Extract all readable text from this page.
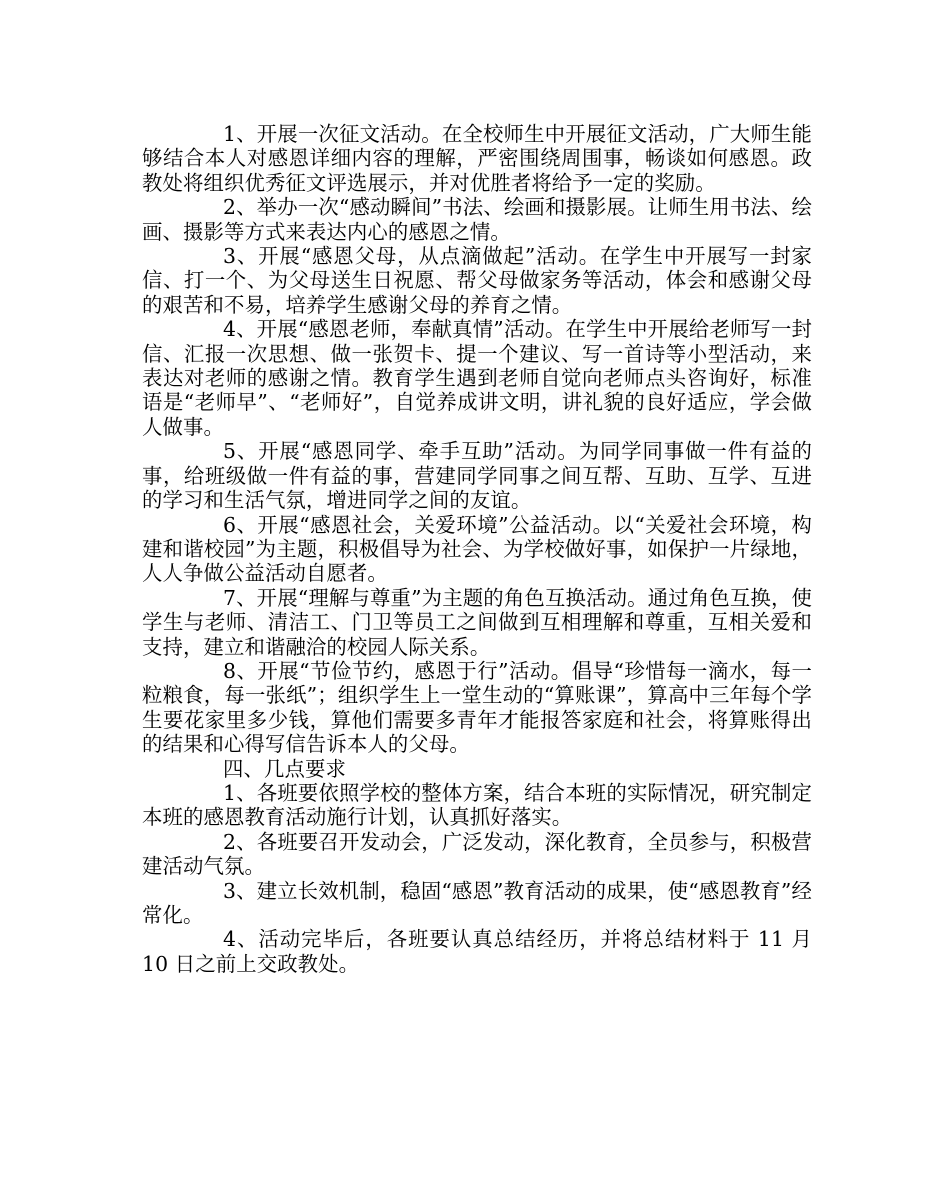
1、开展一次征文活动。在全校师生中开展征文活动，广大师生能够结合本人对感恩详细内容的理解，严密围绕周围事，畅谈如何感恩。政教处将组织优秀征文评选展示，并对优胜者将给予一定的奖励。

2、举办一次“感动瞬间”书法、绘画和摄影展。让师生用书法、绘画、摄影等方式来表达内心的感恩之情。

3、开展“感恩父母，从点滴做起”活动。在学生中开展写一封家信、打一个、为父母送生日祝愿、帮父母做家务等活动，体会和感谢父母的艰苦和不易，培养学生感谢父母的养育之情。

4、开展“感恩老师，奉献真情”活动。在学生中开展给老师写一封信、汇报一次思想、做一张贺卡、提一个建议、写一首诗等小型活动，来表达对老师的感谢之情。教育学生遇到老师自觉向老师点头咨询好，标准语是“老师早”、“老师好”，自觉养成讲文明，讲礼貌的良好适应，学会做人做事。

5、开展“感恩同学、牵手互助”活动。为同学同事做一件有益的事，给班级做一件有益的事，营建同学同事之间互帮、互助、互学、互进的学习和生活气氛，增进同学之间的友谊。

6、开展“感恩社会，关爱环境”公益活动。以“关爱社会环境，构建和谐校园”为主题，积极倡导为社会、为学校做好事，如保护一片绿地，人人争做公益活动自愿者。

7、开展“理解与尊重”为主题的角色互换活动。通过角色互换，使学生与老师、清洁工、门卫等员工之间做到互相理解和尊重，互相关爱和支持，建立和谐融洽的校园人际关系。

8、开展“节俭节约，感恩于行”活动。倡导“珍惜每一滴水，每一粒粮食，每一张纸”；组织学生上一堂生动的“算账课”，算高中三年每个学生要花家里多少钱，算他们需要多青年才能报答家庭和社会，将算账得出的结果和心得写信告诉本人的父母。

四、几点要求

1、各班要依照学校的整体方案，结合本班的实际情况，研究制定本班的感恩教育活动施行计划，认真抓好落实。

2、各班要召开发动会，广泛发动，深化教育，全员参与，积极营建活动气氛。

3、建立长效机制，稳固“感恩”教育活动的成果，使“感恩教育”经常化。

4、活动完毕后，各班要认真总结经历，并将总结材料于 11 月 10 日之前上交政教处。
